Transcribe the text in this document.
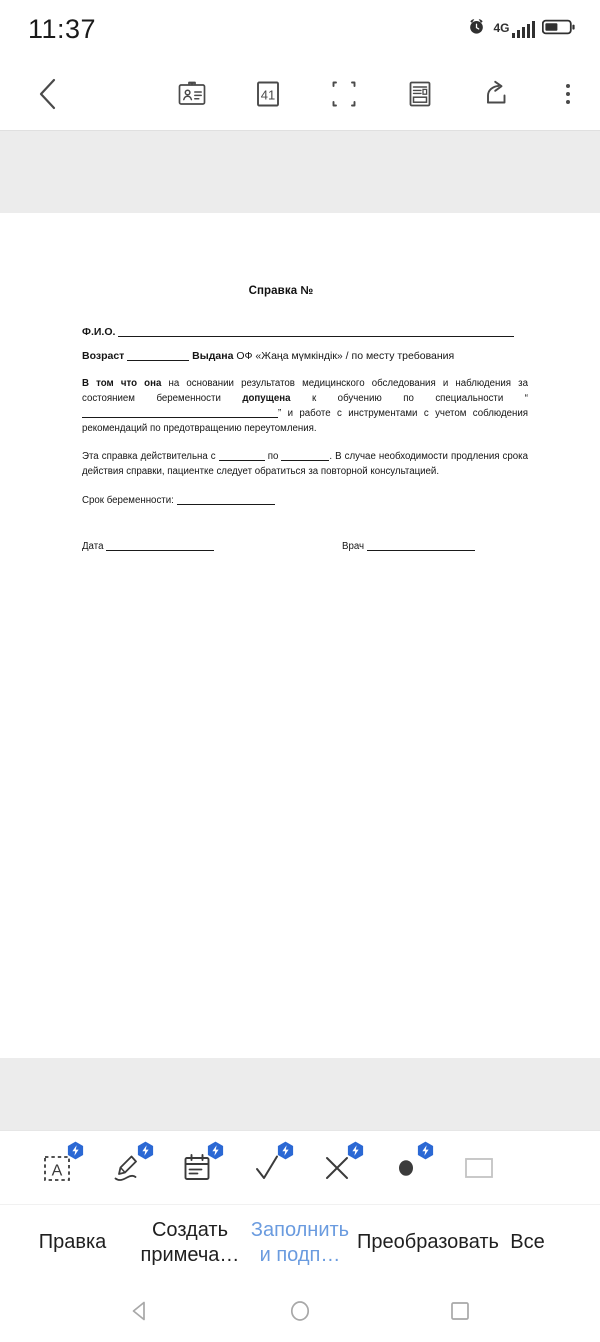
11:37	4G
41
Справка №
Ф.И.О.
Возраст	Выдана ОФ «Жаңа мүмкіндік» / по месту требования
В том что она на основании результатов медицинского обследования и наблюдения за состоянием беременности допущена к обучению по специальности “” и работе с инструментами с учетом соблюдения рекомендаций по предотвращению переутомления.
Эта справка действительна с	по	. В случае необходимости продления срока действия справки, пациентке следует обратиться за повторной консультацией.
Срок беременности:
Дата	Врач
A
Правка
Создать примеча…
Заполнить и подп…
Преобразовать Все
